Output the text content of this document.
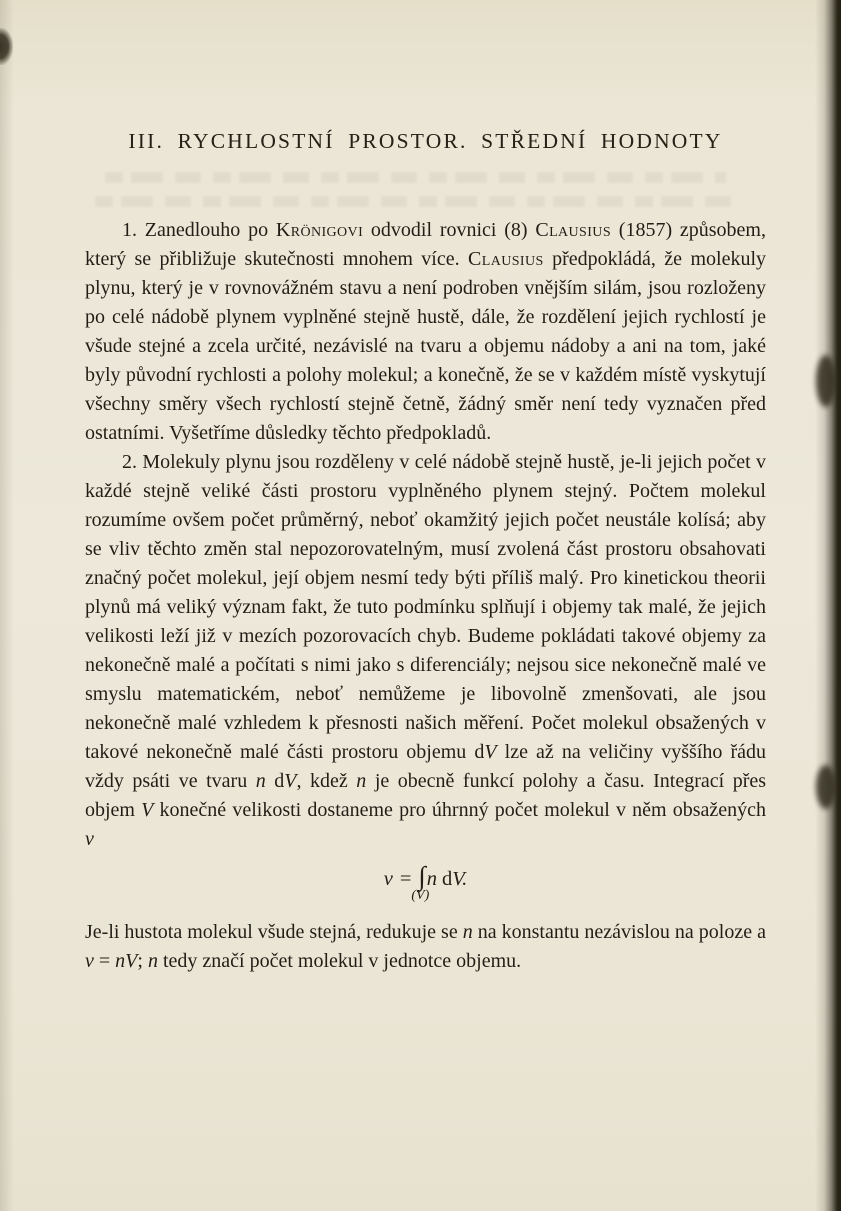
III. RYCHLOSTNÍ PROSTOR. STŘEDNÍ HODNOTY

1. Zanedlouho po Krönigovi odvodil rovnici (8) Clausius (1857) způsobem, který se přibližuje skutečnosti mnohem více. Clausius předpokládá, že molekuly plynu, který je v rovnovážném stavu a není podroben vnějším silám, jsou rozloženy po celé nádobě plynem vyplněné stejně hustě, dále, že rozdělení jejich rychlostí je všude stejné a zcela určité, nezávislé na tvaru a objemu nádoby a ani na tom, jaké byly původní rychlosti a polohy molekul; a konečně, že se v každém místě vyskytují všechny směry všech rychlostí stejně četně, žádný směr není tedy vyznačen před ostatními. Vyšetříme důsledky těchto předpokladů.

2. Molekuly plynu jsou rozděleny v celé nádobě stejně hustě, je-li jejich počet v každé stejně veliké části prostoru vyplněného plynem stejný. Počtem molekul rozumíme ovšem počet průměrný, neboť okamžitý jejich počet neustále kolísá; aby se vliv těchto změn stal nepozorovatelným, musí zvolená část prostoru obsahovati značný počet molekul, její objem nesmí tedy býti příliš malý. Pro kinetickou theorii plynů má veliký význam fakt, že tuto podmínku splňují i objemy tak malé, že jejich velikosti leží již v mezích pozorovacích chyb. Budeme pokládati takové objemy za nekonečně malé a počítati s nimi jako s diferenciály; nejsou sice nekonečně malé ve smyslu matematickém, neboť nemůžeme je libovolně zmenšovati, ale jsou nekonečně malé vzhledem k přesnosti našich měření. Počet molekul obsažených v takové nekonečně malé části prostoru objemu dV lze až na veličiny vyššího řádu vždy psáti ve tvaru n dV, kdež n je obecně funkcí polohy a času. Integrací přes objem V konečné velikosti dostaneme pro úhrnný počet molekul v něm obsažených ν

ν = ∫
(V)
n d V.

Je-li hustota molekul všude stejná, redukuje se n na konstantu nezávislou na poloze a ν = nV; n tedy značí počet molekul v jednotce objemu.
